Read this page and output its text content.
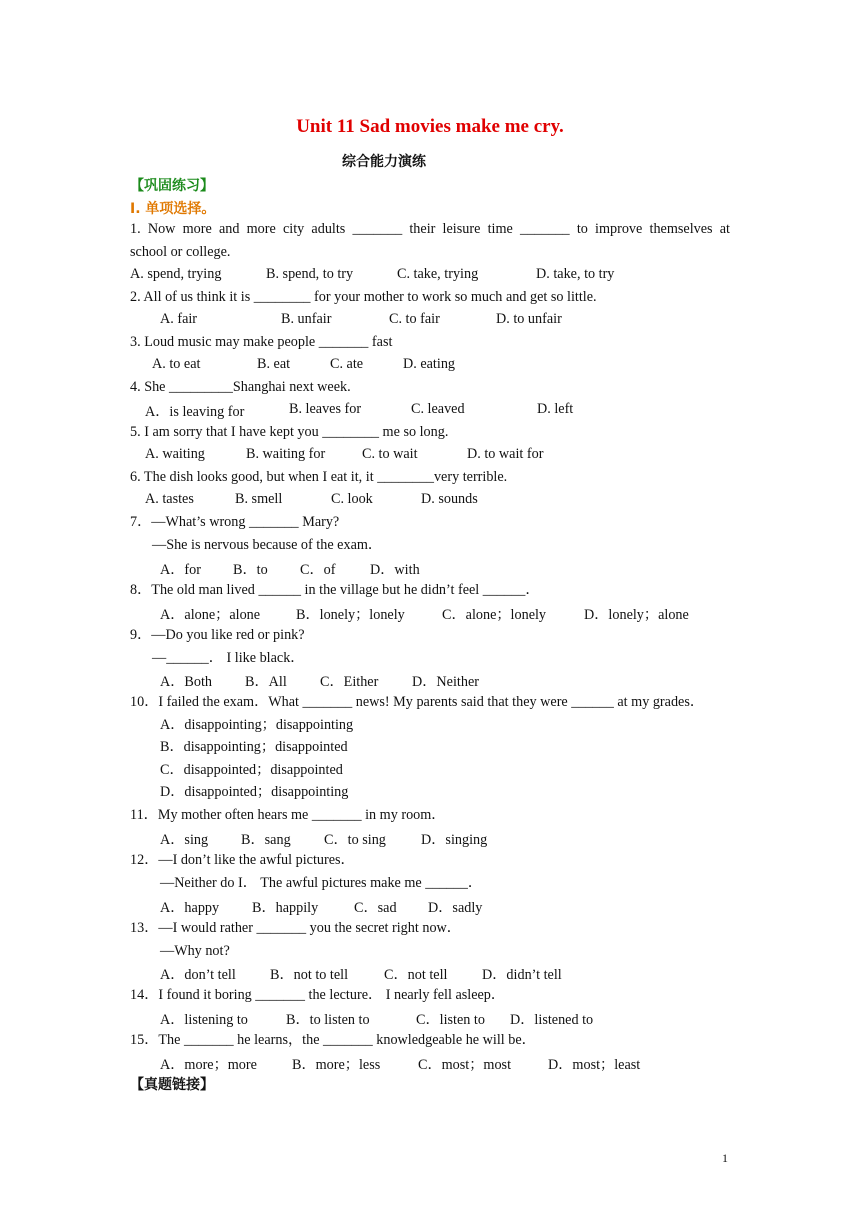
Unit 11 Sad movies make me cry.
综合能力演练
【巩固练习】
Ⅰ. 单项选择。
1. Now more and more city adults _______ their leisure time _______ to improve themselves at
school or college.
A. spend, trying	B. spend, to try	C. take, trying	D. take, to try
2. All of us think it is ________ for your mother to work so much and get so little.
A. fair	B. unfair	C. to fair	D. to unfair
3. Loud music may make people _______ fast
A. to eat	B. eat	C. ate	D. eating
4. She _________Shanghai next week.
A．is leaving for	B. leaves for	C. leaved	D. left
5. I am sorry that I have kept you ________ me so long.
A. waiting	B. waiting for	C. to wait	D. to wait for
6. The dish looks good, but when I eat it, it ________very terrible.
A. tastes	B. smell	C. look	D. sounds
7．—What’s wrong _______ Mary?
—She is nervous because of the exam．
A．for B．to C．of D．with
8．The old man lived ______ in the village but he didn’t feel ______．
A．alone；alone	B．lonely；lonely	C．alone；lonely	D．lonely；alone
9．—Do you like red or pink?
—______． I like black．
A．Both B．All C．Either D．Neither
10．I failed the exam．What _______ news! My parents said that they were ______ at my grades．
A．disappointing；disappointing
B．disappointing；disappointed
C．disappointed；disappointed
D．disappointed；disappointing
11．My mother often hears me _______ in my room．
A．sing B．sang C．to sing D．singing
12．—I don’t like the awful pictures．
—Neither do I． The awful pictures make me ______．
A．happy B．happily	C．sad D．sadly
13．—I would rather _______ you the secret right now．
—Why not?
A．don’t tell B．not to tell	C．not tell D．didn’t tell
14．I found it boring _______ the lecture． I nearly fell asleep．
A．listening to	B．to listen to	C．listen to D．listened to
15．The _______ he learns，the _______ knowledgeable he will be．
A．more；more B．more；less	C．most；most	D．most；least
【真题链接】
1
